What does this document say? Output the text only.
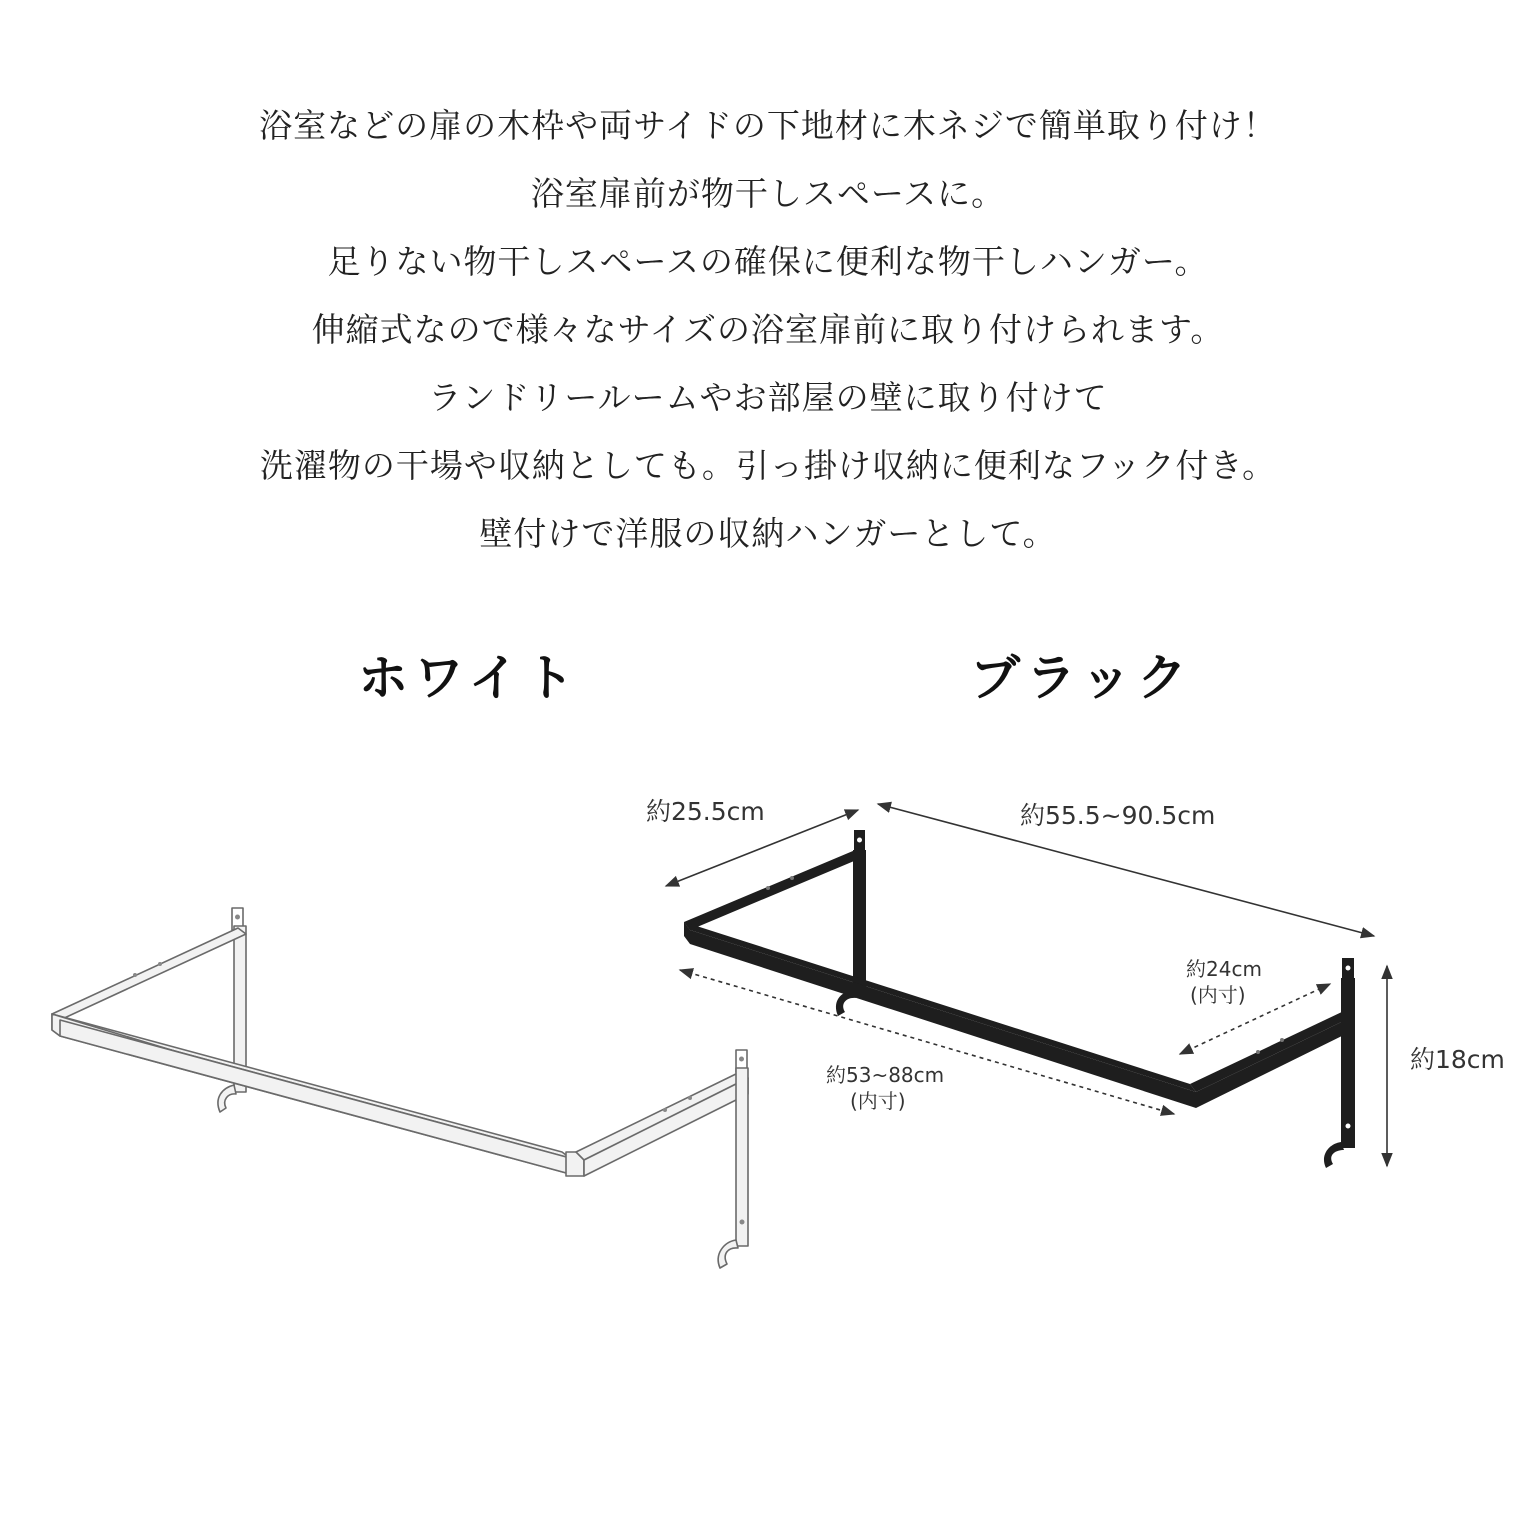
浴室などの扉の木枠や両サイドの下地材に木ネジで簡単取り付け！

浴室扉前が物干しスペースに。

足りない物干しスペースの確保に便利な物干しハンガー。

伸縮式なので様々なサイズの浴室扉前に取り付けられます。

ランドリールームやお部屋の壁に取り付けて

洗濯物の干場や収納としても。引っ掛け収納に便利なフック付き。

壁付けで洋服の収納ハンガーとして。

ホワイト	ブラック

約25.5cm	約55.5~90.5cm
約24cm
(内寸)
約53~88cm
(内寸)
約18cm
